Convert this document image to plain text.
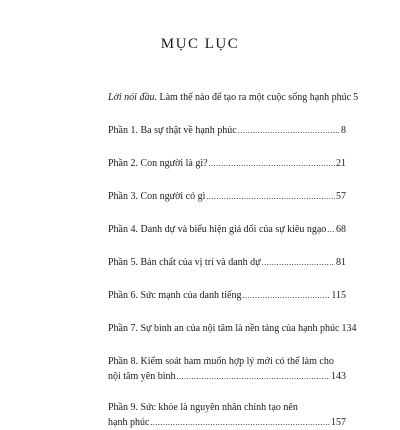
MỤC LỤC
Lời nói đầu. Làm thế nào để tạo ra một cuộc sống hạnh phúc 5
Phần 1. Ba sự thật về hạnh phúc .....	8
Phần 2. Con người là gì? .....	21
Phần 3. Con người có gì .....	57
Phần 4. Danh dự và biểu hiện giả dối của sự kiêu ngạo ..... 68
Phần 5. Bản chất của vị trí và danh dự .....	81
Phần 6. Sức mạnh của danh tiếng .....	115
Phần 7. Sự bình an của nội tâm là nền tảng của hạnh phúc 134
Phần 8. Kiểm soát ham muốn hợp lý mới có thể làm cho
nội tâm yên bình .....	143
Phần 9. Sức khỏe là nguyên nhân chính tạo nên
hạnh phúc .....	157
